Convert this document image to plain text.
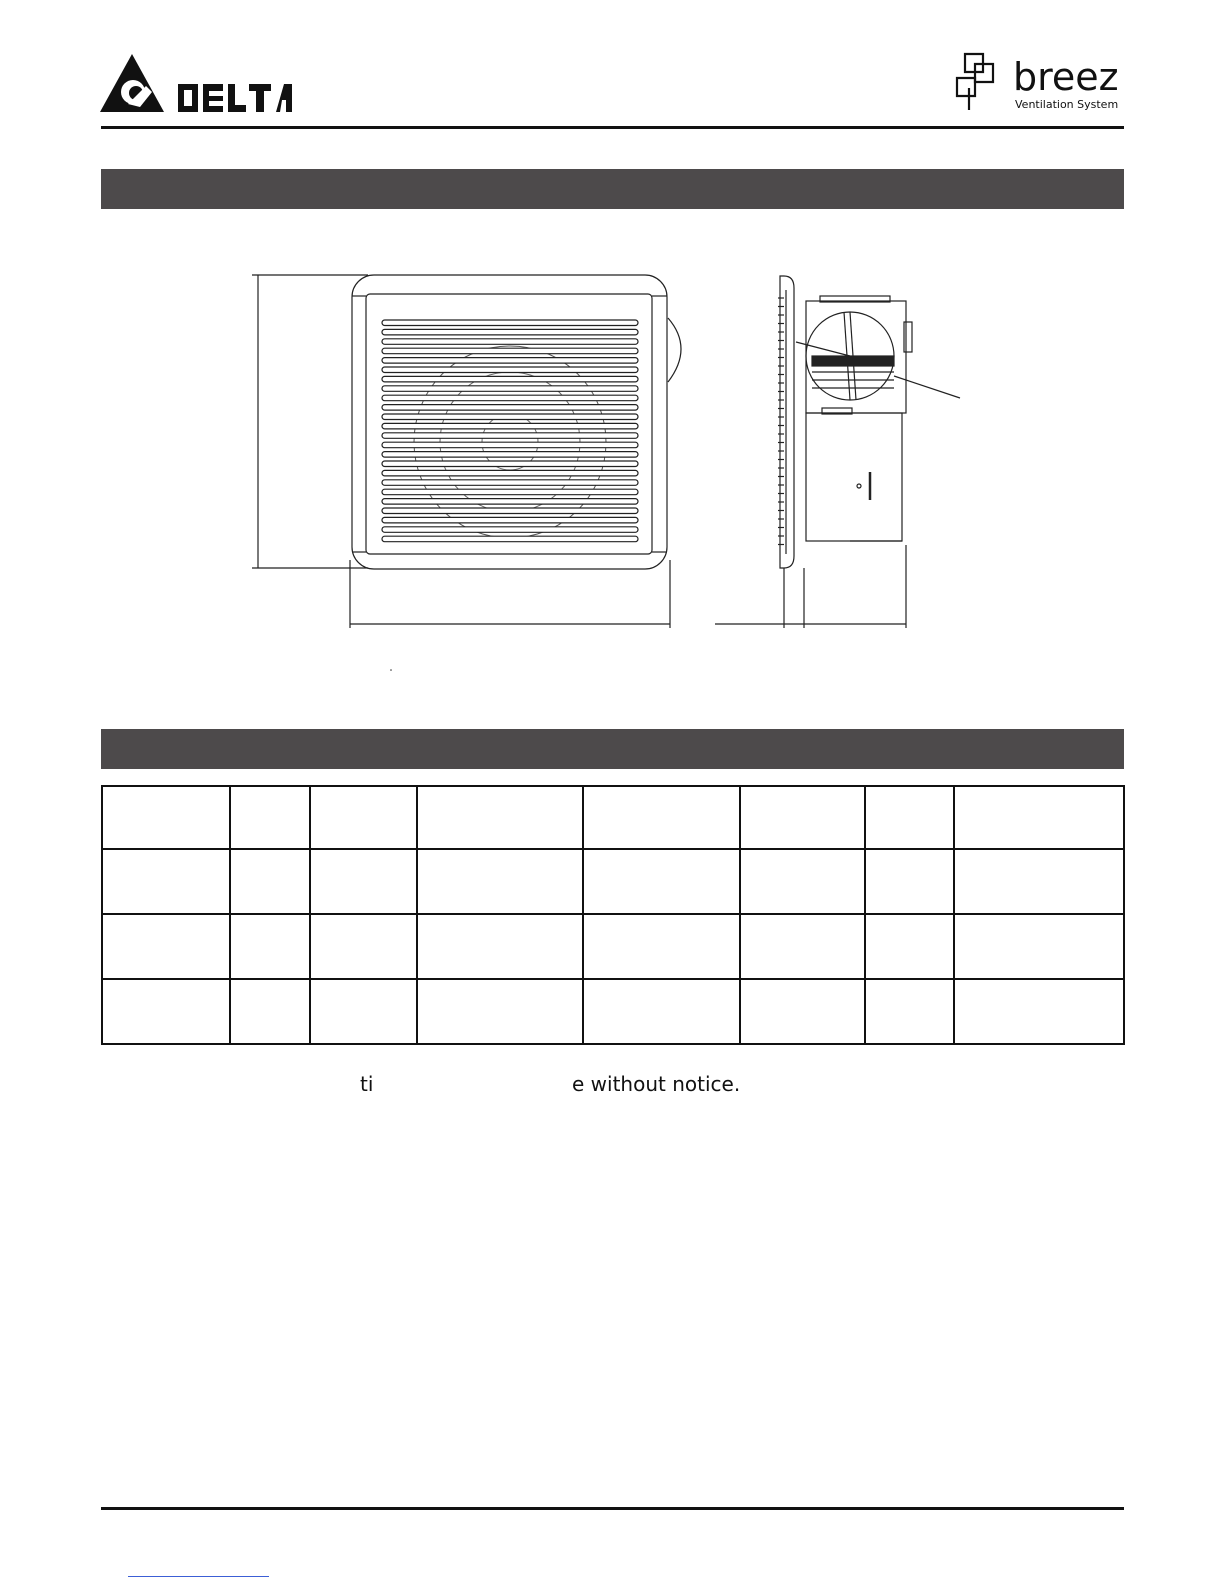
DELTA
breez
Ventilation System

ti	e without notice.
